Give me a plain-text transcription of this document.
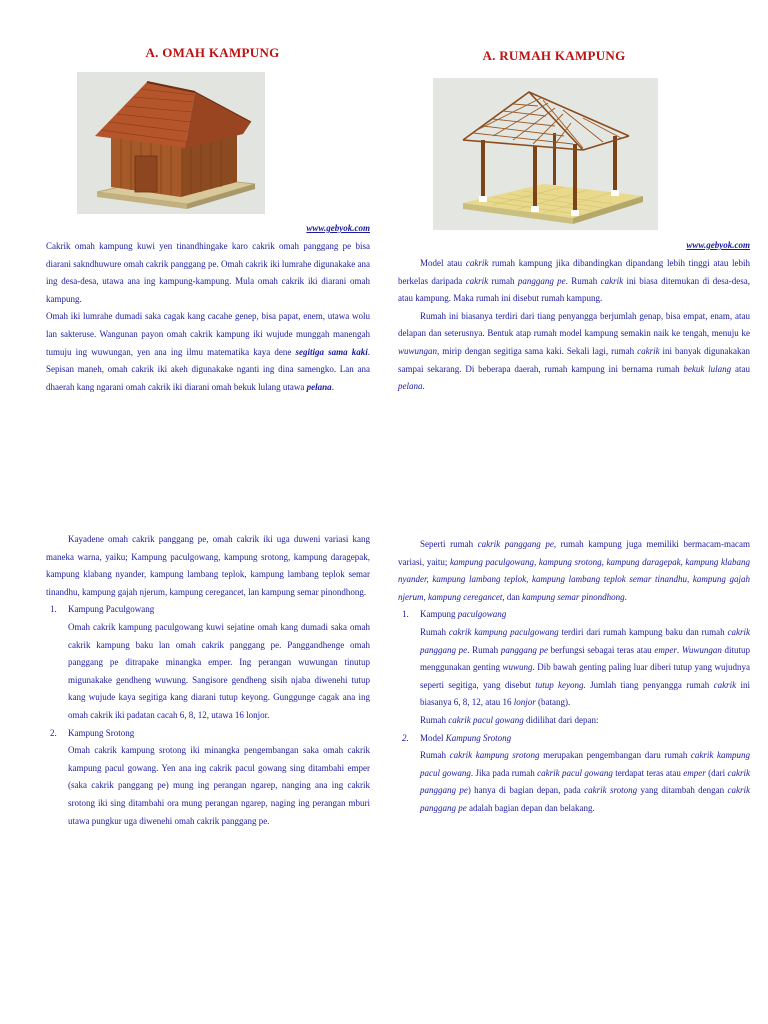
A. OMAH KAMPUNG
www.gebyok.com

Cakrik omah kampung kuwi yen tinandhingake karo cakrik omah panggang pe bisa diarani sakndhuwure omah cakrik panggang pe. Omah cakrik iki lumrahe digunakake ana ing desa-desa, utawa ana ing kampung-kampung. Mula omah cakrik iki diarani omah kampung.

Omah iki lumrahe dumadi saka cagak kang cacahe genep, bisa papat, enem, utawa wolu lan sakteruse. Wangunan payon omah cakrik kampung iki wujude munggah manengah tumuju ing wuwungan, yen ana ing ilmu matematika kaya dene segitiga sama kaki. Sepisan maneh, omah cakrik iki akeh digunakake nganti ing dina samengko. Lan ana dhaerah kang ngarani omah cakrik iki diarani omah bekuk lulang utawa pelana.

Kayadene omah cakrik panggang pe, omah cakrik iki uga duweni variasi kang maneka warna, yaiku; Kampung paculgowang, kampung srotong, kampung daragepak, kampung klabang nyander, kampung lambang teplok, kampung lambang teplok semar tinandhu, kampung gajah njerum, kampung ceregancet, lan kampung semar pinondhong.

1. Kampung Paculgowang
Omah cakrik kampung paculgowang kuwi sejatine omah kang dumadi saka omah cakrik kampung baku lan omah cakrik panggang pe. Panggandhenge omah panggang pe ditrapake minangka emper. Ing perangan wuwungan tinutup migunakake gendheng wuwung. Sangisore gendheng sisih njaba diwenehi tutup kang wujude kaya segitiga kang diarani tutup keyong. Gunggunge cagak ana ing omah cakrik iki padatan cacah 6, 8, 12, utawa 16 lonjor.
2. Kampung Srotong
Omah cakrik kampung srotong iki minangka pengembangan saka omah cakrik kampung pacul gowang. Yen ana ing cakrik pacul gowang sing ditambahi emper (saka cakrik panggang pe) mung ing perangan ngarep, nanging ana ing cakrik srotong iki sing ditambahi ora mung perangan ngarep, naging ing perangan mburi utawa pungkur uga diwenehi omah cakrik panggang pe.
A. RUMAH KAMPUNG
www.gebyok.com

Model atau cakrik rumah kampung jika dibandingkan dipandang lebih tinggi atau lebih berkelas daripada cakrik rumah panggang pe. Rumah cakrik ini biasa ditemukan di desa-desa, atau kampung. Maka rumah ini disebut rumah kampung.

Rumah ini biasanya terdiri dari tiang penyangga berjumlah genap, bisa empat, enam, atau delapan dan seterusnya. Bentuk atap rumah model kampung semakin naik ke tengah, menuju ke wuwungan, mirip dengan segitiga sama kaki. Sekali lagi, rumah cakrik ini banyak digunakakan sampai sekarang. Di beberapa daerah, rumah kampung ini bernama rumah bekuk lulang atau pelana.

Seperti rumah cakrik panggang pe, rumah kampung juga memiliki bermacam-macam variasi, yaitu; kampung paculgowang, kampung srotong, kampung daragepak, kampung klabang nyander, kampung lambang teplok, kampung lambang teplok semar tinandhu, kampung gajah njerum, kampung ceregancet, dan kampung semar pinondhong.

1. Kampung paculgowang
Rumah cakrik kampung paculgowang terdiri dari rumah kampung baku dan rumah cakrik panggang pe. Rumah panggang pe berfungsi sebagai teras atau emper. Wuwungan ditutup menggunakan genting wuwung. Dib bawah genting paling luar diberi tutup yang wujudnya seperti segitiga, yang disebut tutup keyong. Jumlah tiang penyangga rumah cakrik ini biasanya 6, 8, 12, atau 16 lonjor (batang).
Rumah cakrik pacul gowang didilihat dari depan:
2. Model Kampung Srotong
Rumah cakrik kampung srotong merupakan pengembangan daru rumah cakrik kampung pacul gowang. Jika pada rumah cakrik pacul gowang terdapat teras atau emper (dari cakrik panggang pe) hanya di bagian depan, pada cakrik srotong yang ditambah dengan cakrik panggang pe adalah bagian depan dan belakang.
